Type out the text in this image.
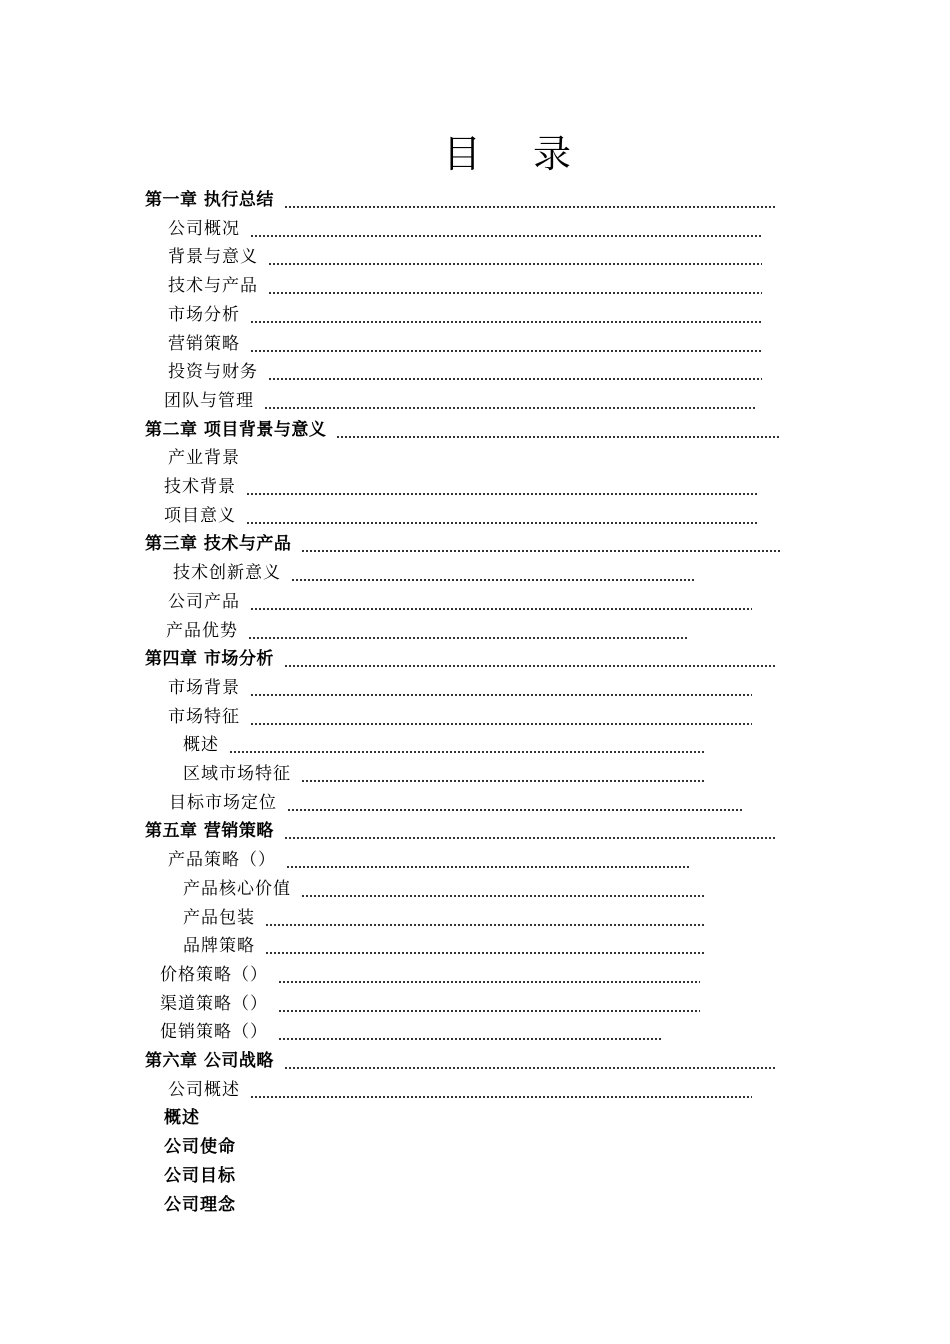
目 录
第一章 执行总结
公司概况
背景与意义
技术与产品
市场分析
营销策略
投资与财务
团队与管理
第二章 项目背景与意义
产业背景
技术背景
项目意义
第三章 技术与产品
技术创新意义
公司产品
产品优势
第四章 市场分析
市场背景
市场特征
概述
区域市场特征
目标市场定位
第五章 营销策略
产品策略（）
产品核心价值
产品包装
品牌策略
价格策略（）
渠道策略（）
促销策略（）
第六章 公司战略
公司概述
概述
公司使命
公司目标
公司理念
